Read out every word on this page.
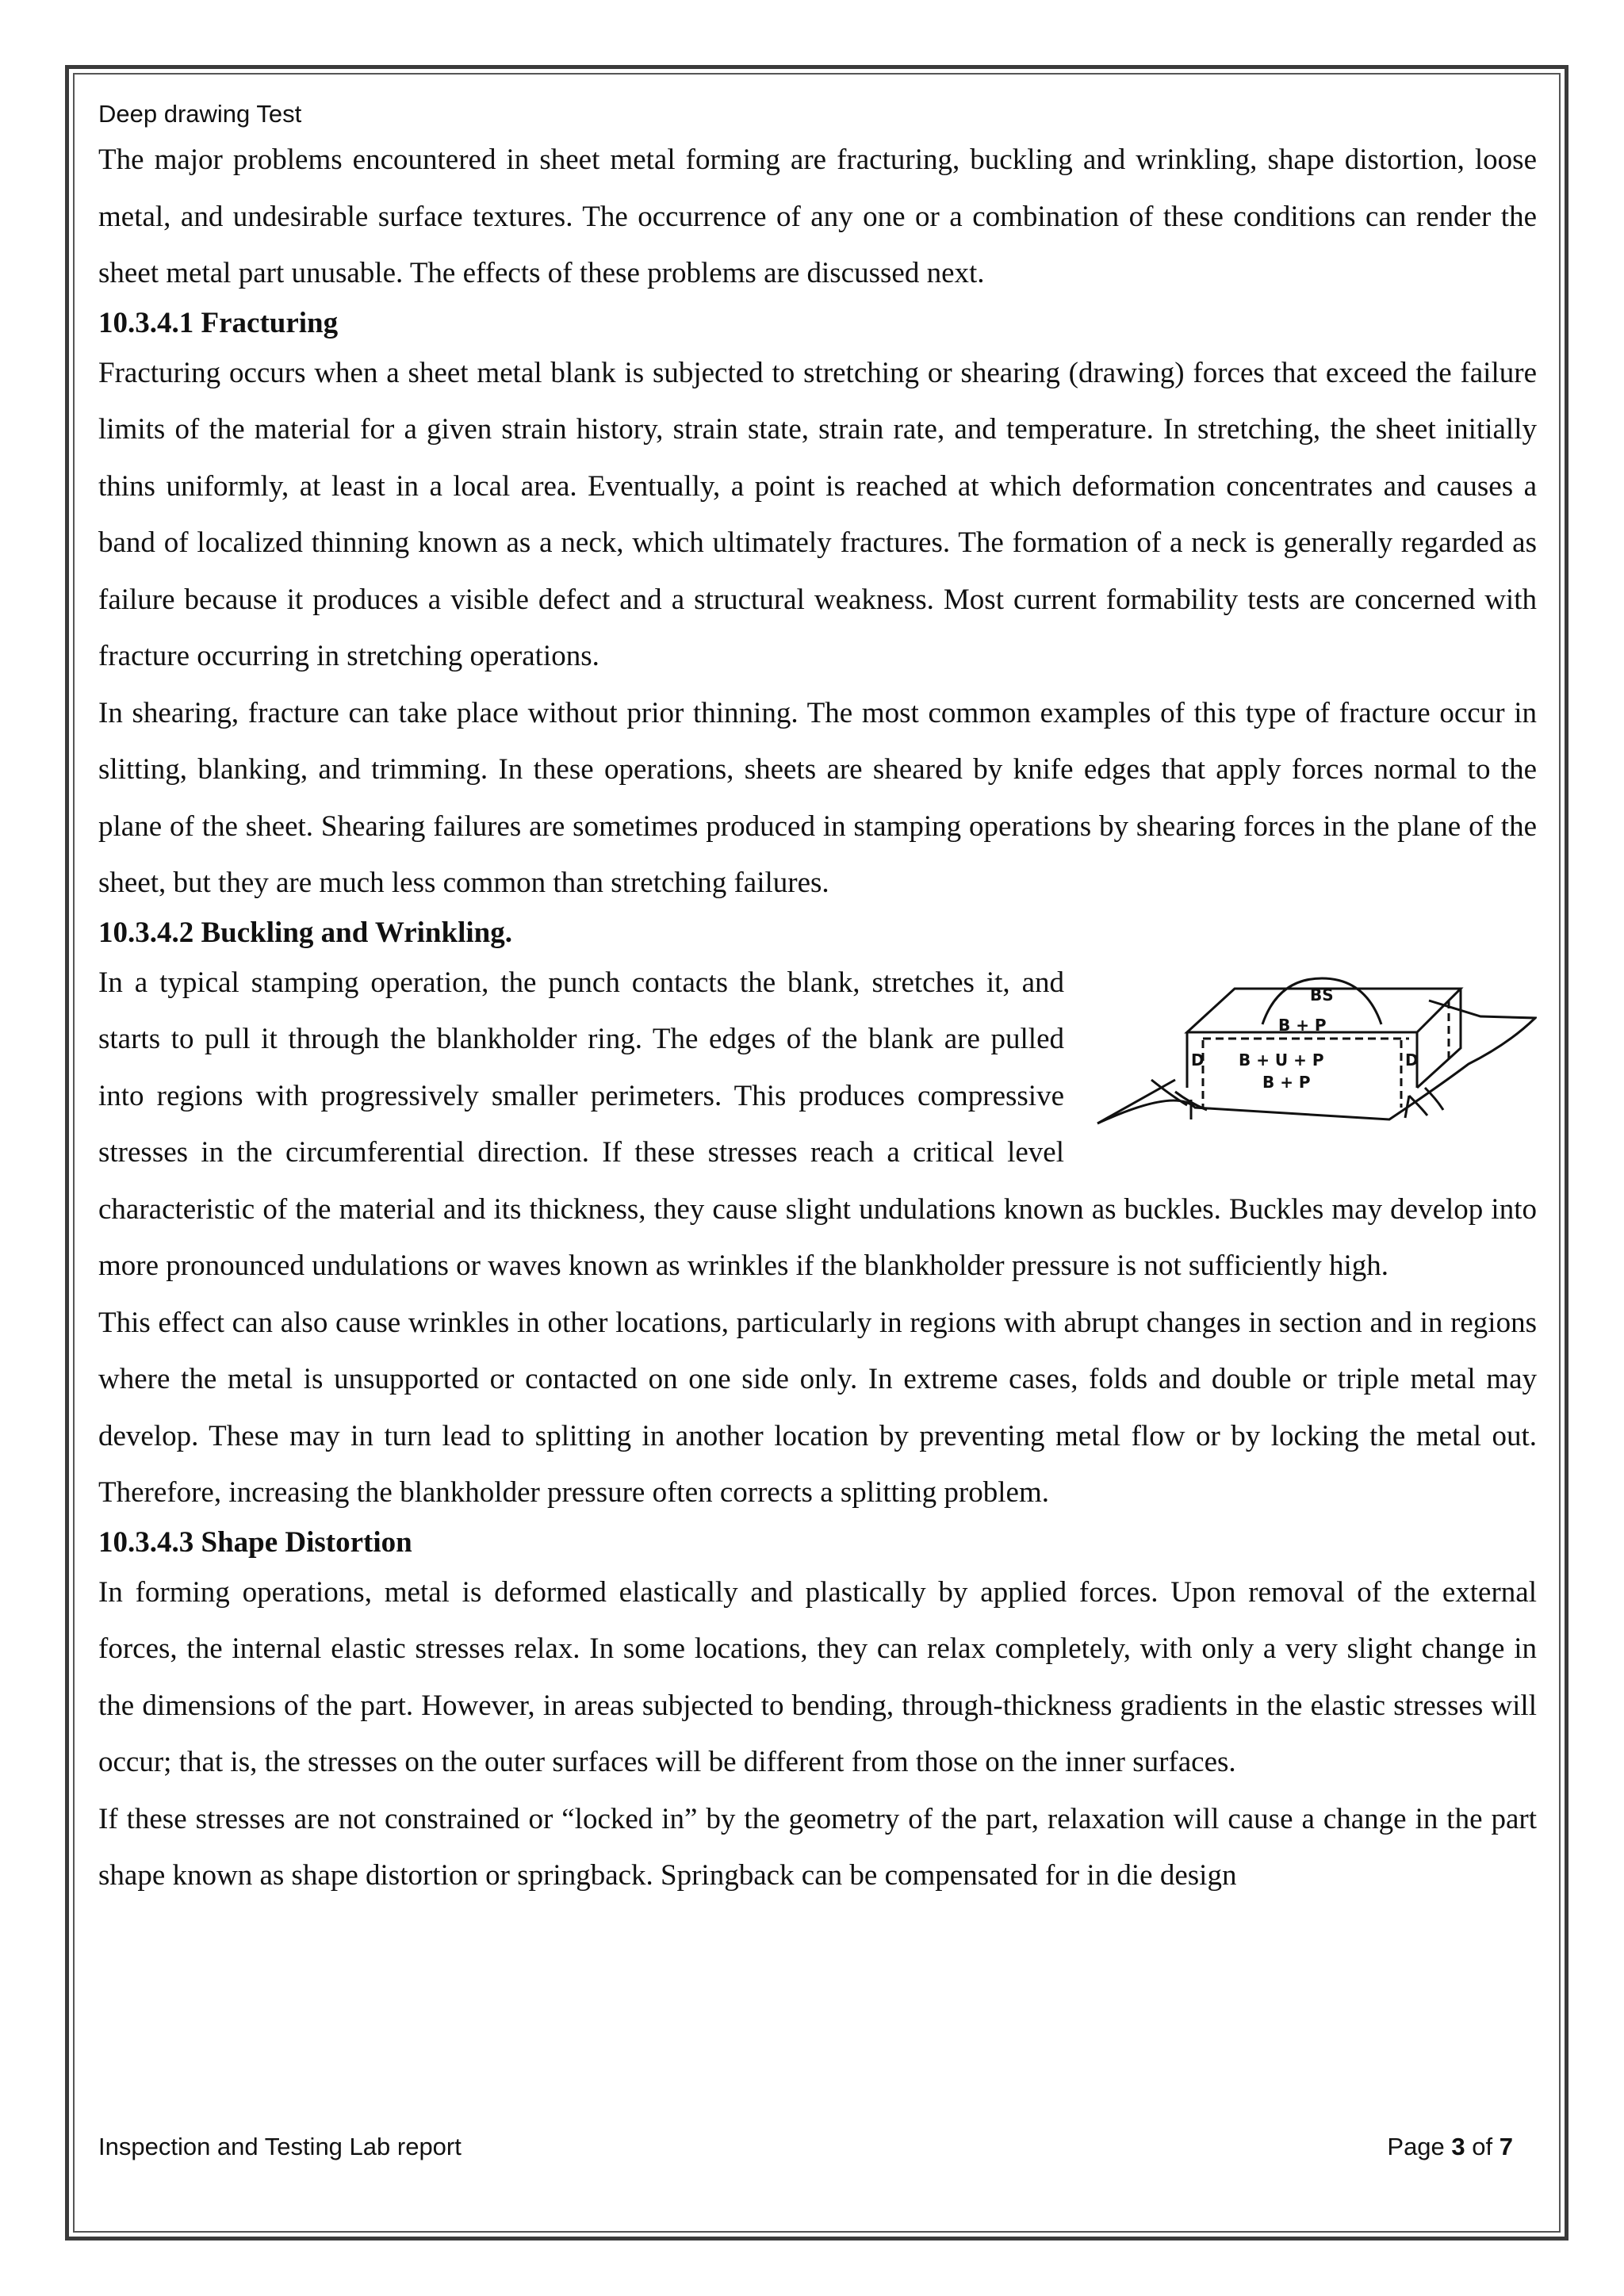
Deep drawing Test

The major problems encountered in sheet metal forming are fracturing, buckling and wrinkling, shape distortion, loose metal, and undesirable surface textures. The occurrence of any one or a combination of these conditions can render the sheet metal part unusable. The effects of these problems are discussed next.

10.3.4.1 Fracturing

Fracturing occurs when a sheet metal blank is subjected to stretching or shearing (drawing) forces that exceed the failure limits of the material for a given strain history, strain state, strain rate, and temperature. In stretching, the sheet initially thins uniformly, at least in a local area. Eventually, a point is reached at which deformation concentrates and causes a band of localized thinning known as a neck, which ultimately fractures. The formation of a neck is generally regarded as failure because it produces a visible defect and a structural weakness. Most current formability tests are concerned with fracture occurring in stretching operations.

In shearing, fracture can take place without prior thinning. The most common examples of this type of fracture occur in slitting, blanking, and trimming. In these operations, sheets are sheared by knife edges that apply forces normal to the plane of the sheet. Shearing failures are sometimes produced in stamping operations by shearing forces in the plane of the sheet, but they are much less common than stretching failures.

10.3.4.2 Buckling and Wrinkling.
BS
B + P
B + U + P
B + P
D	D

In a typical stamping operation, the punch contacts the blank, stretches it, and starts to pull it through the blankholder ring. The edges of the blank are pulled into regions with progressively smaller perimeters. This produces compressive stresses in the circumferential direction. If these stresses reach a critical level characteristic of the material and its thickness, they cause slight undulations known as buckles. Buckles may develop into more pronounced undulations or waves known as wrinkles if the blankholder pressure is not sufficiently high.

This effect can also cause wrinkles in other locations, particularly in regions with abrupt changes in section and in regions where the metal is unsupported or contacted on one side only. In extreme cases, folds and double or triple metal may develop. These may in turn lead to splitting in another location by preventing metal flow or by locking the metal out. Therefore, increasing the blankholder pressure often corrects a splitting problem.

10.3.4.3 Shape Distortion

In forming operations, metal is deformed elastically and plastically by applied forces. Upon removal of the external forces, the internal elastic stresses relax. In some locations, they can relax completely, with only a very slight change in the dimensions of the part. However, in areas subjected to bending, through-thickness gradients in the elastic stresses will occur; that is, the stresses on the outer surfaces will be different from those on the inner surfaces.

If these stresses are not constrained or “locked in” by the geometry of the part, relaxation will cause a change in the part shape known as shape distortion or springback. Springback can be compensated for in die design

Inspection and Testing Lab report	Page 3 of 7
